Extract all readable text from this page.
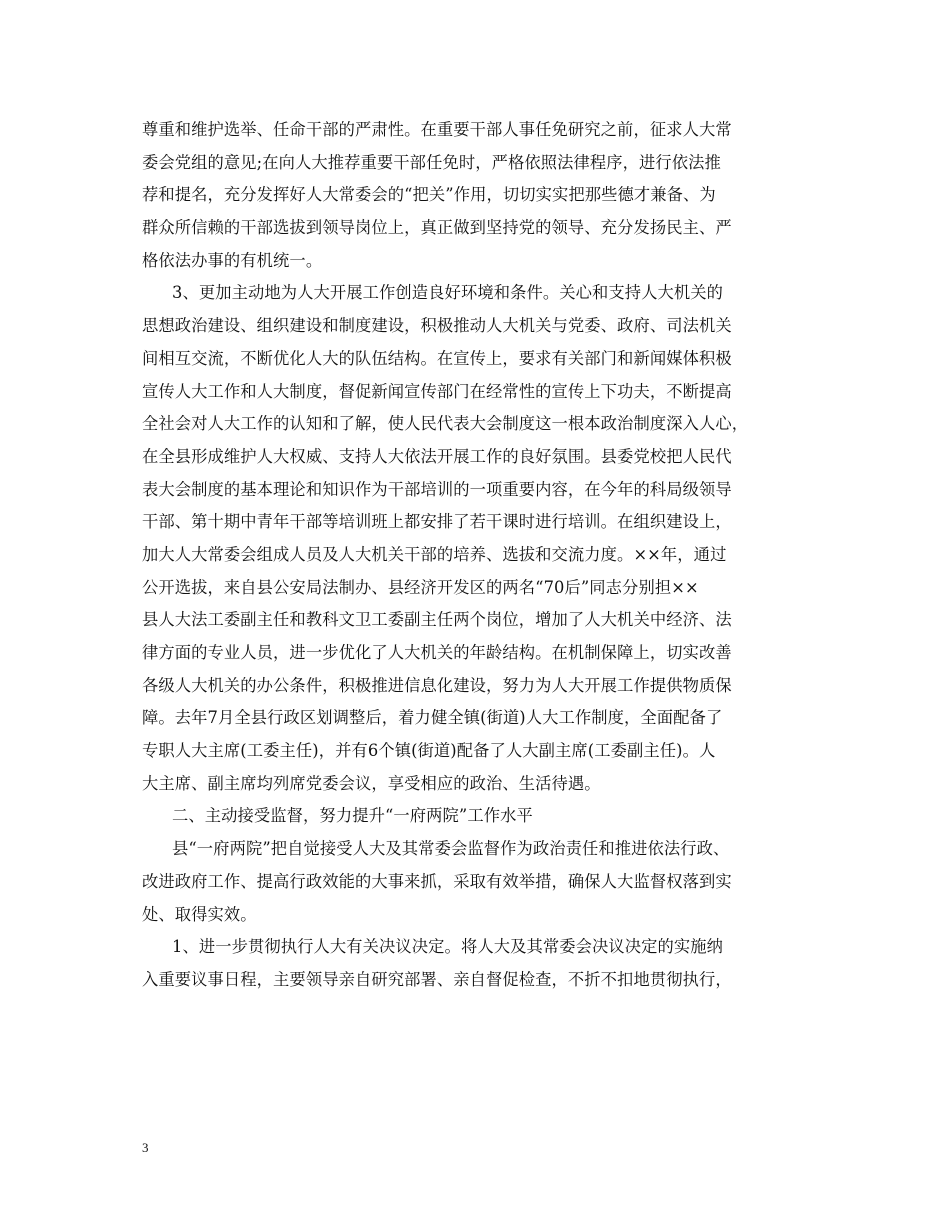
尊重和维护选举、任命干部的严肃性。在重要干部人事任免研究之前，征求人大常
委会党组的意见;在向人大推荐重要干部任免时，严格依照法律程序，进行依法推
荐和提名，充分发挥好人大常委会的“把关”作用，切切实实把那些德才兼备、为
群众所信赖的干部选拔到领导岗位上，真正做到坚持党的领导、充分发扬民主、严
格依法办事的有机统一。
3、更加主动地为人大开展工作创造良好环境和条件。关心和支持人大机关的
思想政治建设、组织建设和制度建设，积极推动人大机关与党委、政府、司法机关
间相互交流，不断优化人大的队伍结构。在宣传上，要求有关部门和新闻媒体积极
宣传人大工作和人大制度，督促新闻宣传部门在经常性的宣传上下功夫，不断提高
全社会对人大工作的认知和了解，使人民代表大会制度这一根本政治制度深入人心，
在全县形成维护人大权威、支持人大依法开展工作的良好氛围。县委党校把人民代
表大会制度的基本理论和知识作为干部培训的一项重要内容，在今年的科局级领导
干部、第十期中青年干部等培训班上都安排了若干课时进行培训。在组织建设上，
加大人大常委会组成人员及人大机关干部的培养、选拔和交流力度。××年，通过
公开选拔，来自县公安局法制办、县经济开发区的两名“70后”同志分别担××
县人大法工委副主任和教科文卫工委副主任两个岗位，增加了人大机关中经济、法
律方面的专业人员，进一步优化了人大机关的年龄结构。在机制保障上，切实改善
各级人大机关的办公条件，积极推进信息化建设，努力为人大开展工作提供物质保
障。去年7月全县行政区划调整后，着力健全镇(街道)人大工作制度，全面配备了
专职人大主席(工委主任)，并有6个镇(街道)配备了人大副主席(工委副主任)。人
大主席、副主席均列席党委会议，享受相应的政治、生活待遇。
二、主动接受监督，努力提升“一府两院”工作水平
县“一府两院”把自觉接受人大及其常委会监督作为政治责任和推进依法行政、
改进政府工作、提高行政效能的大事来抓，采取有效举措，确保人大监督权落到实
处、取得实效。
1、进一步贯彻执行人大有关决议决定。将人大及其常委会决议决定的实施纳
入重要议事日程，主要领导亲自研究部署、亲自督促检查，不折不扣地贯彻执行，
3
